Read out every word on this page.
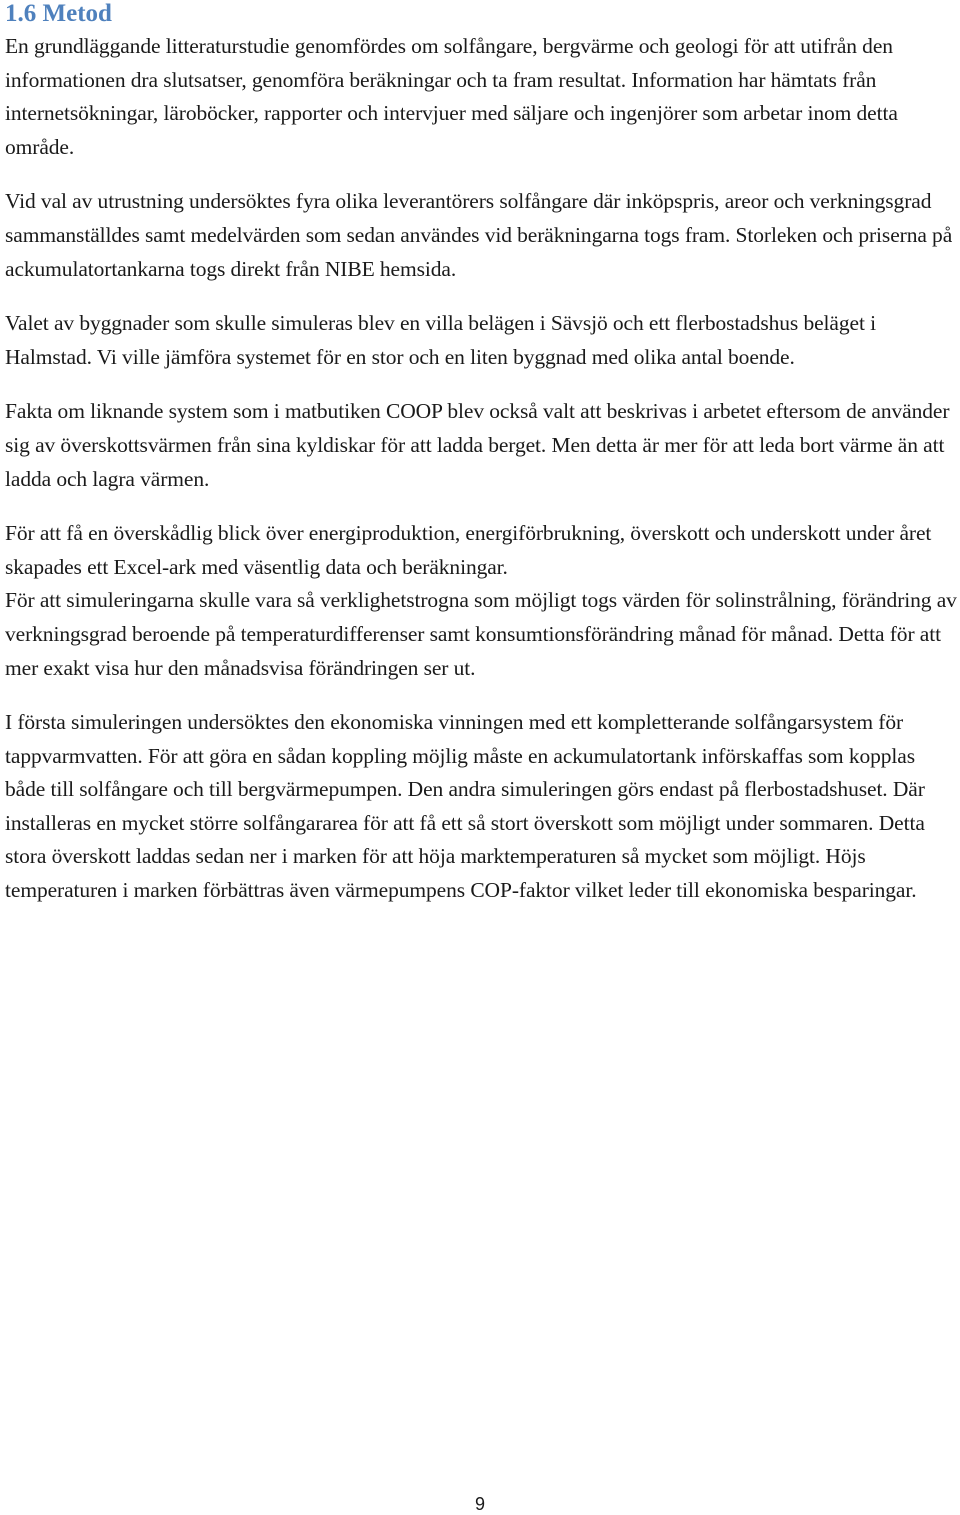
1.6 Metod

En grundläggande litteraturstudie genomfördes om solfångare, bergvärme och geologi för att utifrån den informationen dra slutsatser, genomföra beräkningar och ta fram resultat. Information har hämtats från internetsökningar, läroböcker, rapporter och intervjuer med säljare och ingenjörer som arbetar inom detta område.

Vid val av utrustning undersöktes fyra olika leverantörers solfångare där inköpspris, areor och verkningsgrad sammanställdes samt medelvärden som sedan användes vid beräkningarna togs fram. Storleken och priserna på ackumulatortankarna togs direkt från NIBE hemsida.

Valet av byggnader som skulle simuleras blev en villa belägen i Sävsjö och ett flerbostadshus beläget i Halmstad. Vi ville jämföra systemet för en stor och en liten byggnad med olika antal boende.

Fakta om liknande system som i matbutiken COOP blev också valt att beskrivas i arbetet eftersom de använder sig av överskottsvärmen från sina kyldiskar för att ladda berget. Men detta är mer för att leda bort värme än att ladda och lagra värmen.

För att få en överskådlig blick över energiproduktion, energiförbrukning, överskott och underskott under året skapades ett Excel-ark med väsentlig data och beräkningar.

För att simuleringarna skulle vara så verklighetstrogna som möjligt togs värden för solinstrålning, förändring av verkningsgrad beroende på temperaturdifferenser samt konsumtionsförändring månad för månad. Detta för att mer exakt visa hur den månadsvisa förändringen ser ut.

I första simuleringen undersöktes den ekonomiska vinningen med ett kompletterande solfångarsystem för tappvarmvatten. För att göra en sådan koppling möjlig måste en ackumulatortank införskaffas som kopplas både till solfångare och till bergvärmepumpen. Den andra simuleringen görs endast på flerbostadshuset. Där installeras en mycket större solfångararea för att få ett så stort överskott som möjligt under sommaren. Detta stora överskott laddas sedan ner i marken för att höja marktemperaturen så mycket som möjligt. Höjs temperaturen i marken förbättras även värmepumpens COP-faktor vilket leder till ekonomiska besparingar.

9
